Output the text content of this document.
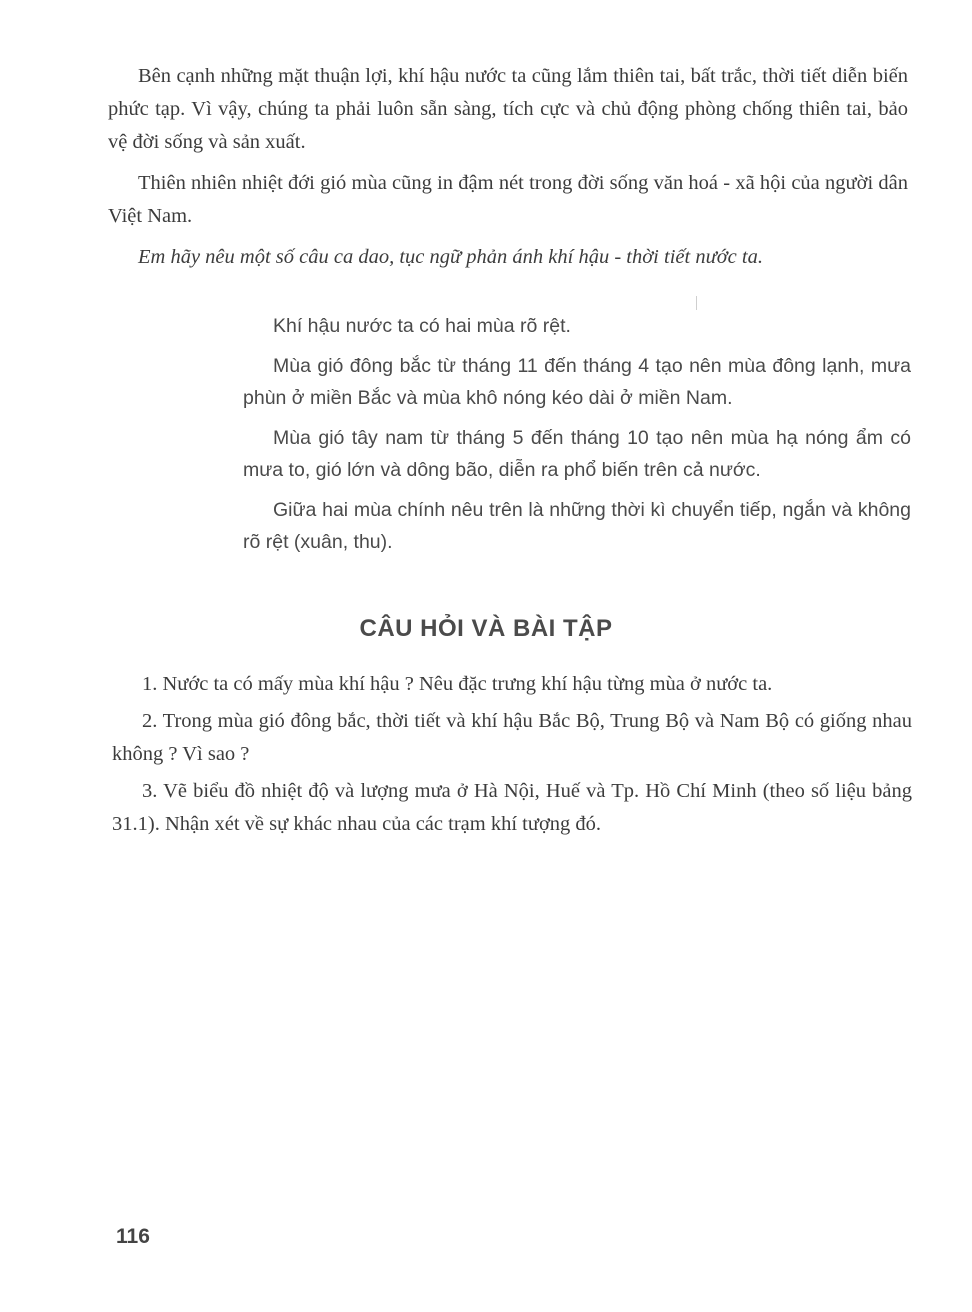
Bên cạnh những mặt thuận lợi, khí hậu nước ta cũng lắm thiên tai, bất trắc, thời tiết diễn biến phức tạp. Vì vậy, chúng ta phải luôn sẵn sàng, tích cực và chủ động phòng chống thiên tai, bảo vệ đời sống và sản xuất.

Thiên nhiên nhiệt đới gió mùa cũng in đậm nét trong đời sống văn hoá - xã hội của người dân Việt Nam.

Em hãy nêu một số câu ca dao, tục ngữ phản ánh khí hậu - thời tiết nước ta.

Khí hậu nước ta có hai mùa rõ rệt.

Mùa gió đông bắc từ tháng 11 đến tháng 4 tạo nên mùa đông lạnh, mưa phùn ở miền Bắc và mùa khô nóng kéo dài ở miền Nam.

Mùa gió tây nam từ tháng 5 đến tháng 10 tạo nên mùa hạ nóng ẩm có mưa to, gió lớn và dông bão, diễn ra phổ biến trên cả nước.

Giữa hai mùa chính nêu trên là những thời kì chuyển tiếp, ngắn và không rõ rệt (xuân, thu).

CÂU HỎI VÀ BÀI TẬP

1. Nước ta có mấy mùa khí hậu ? Nêu đặc trưng khí hậu từng mùa ở nước ta.

2. Trong mùa gió đông bắc, thời tiết và khí hậu Bắc Bộ, Trung Bộ và Nam Bộ có giống nhau không ? Vì sao ?

3. Vẽ biểu đồ nhiệt độ và lượng mưa ở Hà Nội, Huế và Tp. Hồ Chí Minh (theo số liệu bảng 31.1). Nhận xét về sự khác nhau của các trạm khí tượng đó.

116
